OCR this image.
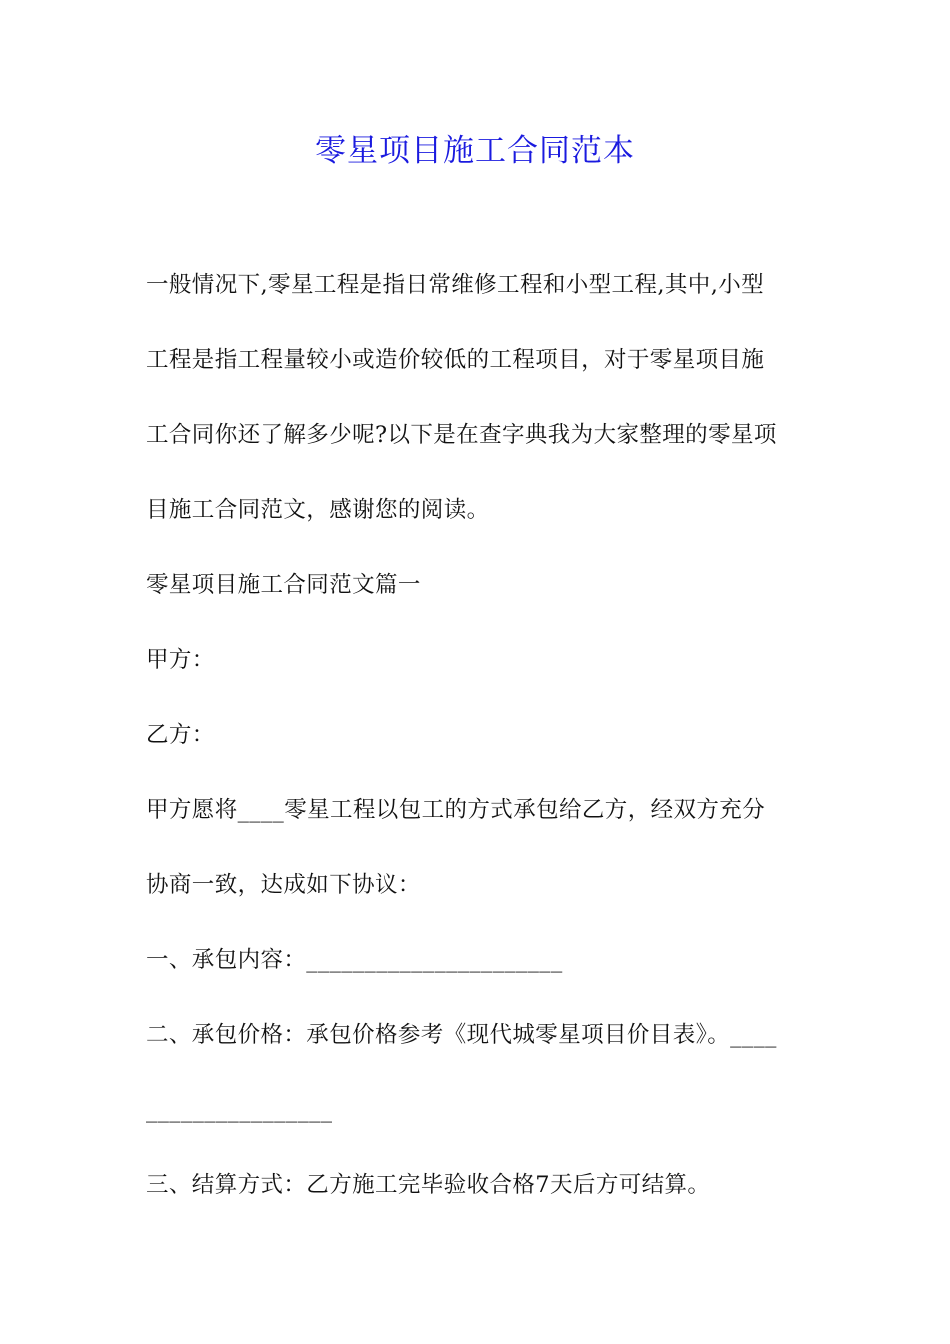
零星项目施工合同范本
一般情况下,零星工程是指日常维修工程和小型工程,其中,小型
工程是指工程量较小或造价较低的工程项目，对于零星项目施
工合同你还了解多少呢?以下是在查字典我为大家整理的零星项
目施工合同范文，感谢您的阅读。
零星项目施工合同范文篇一
甲方：
乙方：
甲方愿将____零星工程以包工的方式承包给乙方，经双方充分
协商一致，达成如下协议：
一、承包内容：______________________
二、承包价格：承包价格参考《现代城零星项目价目表》。____
________________
三、结算方式：乙方施工完毕验收合格7天后方可结算。
